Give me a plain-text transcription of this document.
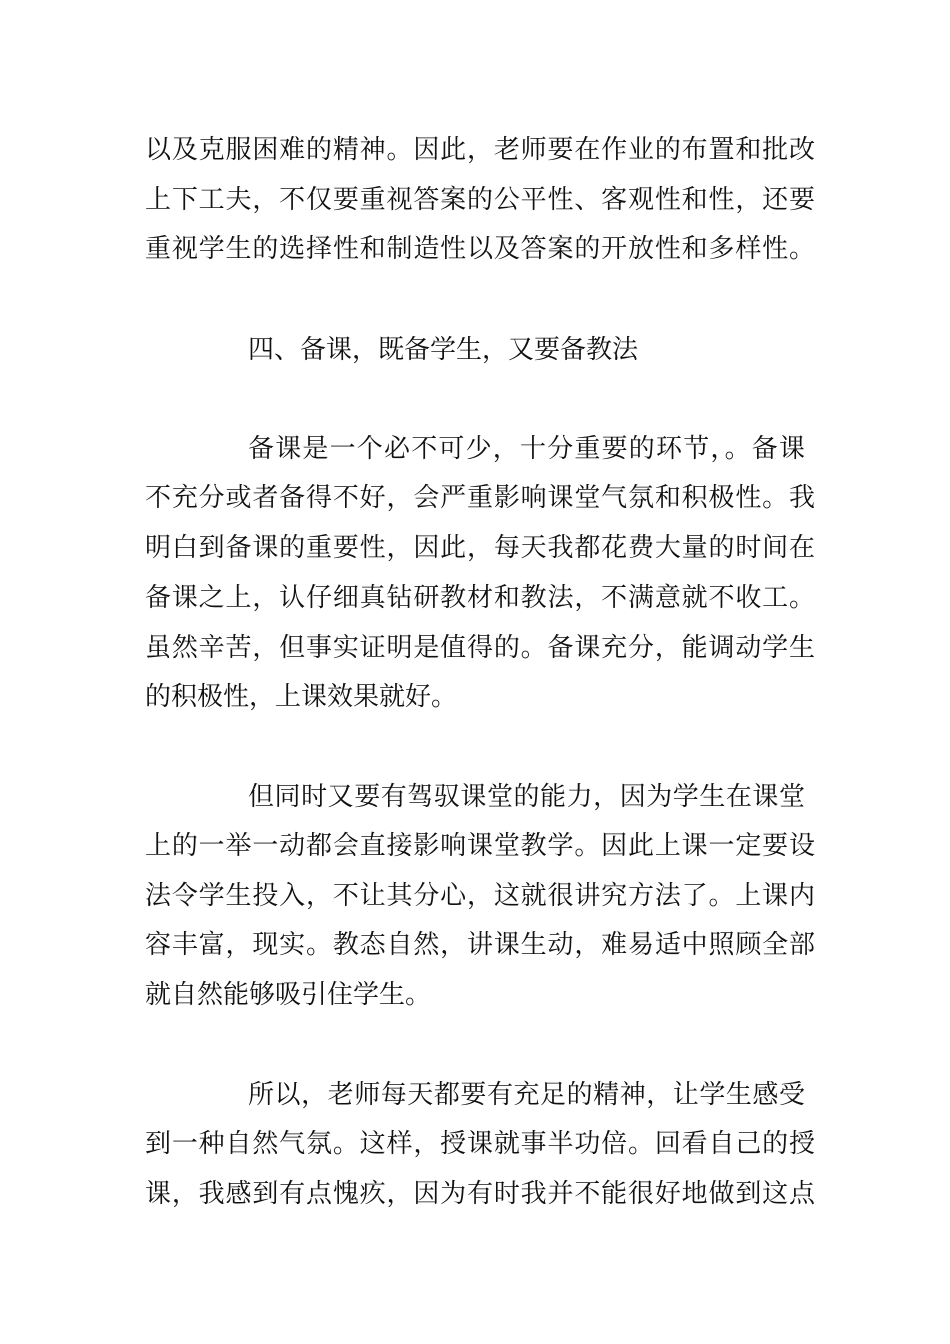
以及克服困难的精神。因此，老师要在作业的布置和批改
上下工夫，不仅要重视答案的公平性、客观性和性，还要
重视学生的选择性和制造性以及答案的开放性和多样性。
四、备课，既备学生，又要备教法
备课是一个必不可少，十分重要的环节，。备课
不充分或者备得不好，会严重影响课堂气氛和积极性。我
明白到备课的重要性，因此，每天我都花费大量的时间在
备课之上，认仔细真钻研教材和教法，不满意就不收工。
虽然辛苦，但事实证明是值得的。备课充分，能调动学生
的积极性，上课效果就好。
但同时又要有驾驭课堂的能力，因为学生在课堂
上的一举一动都会直接影响课堂教学。因此上课一定要设
法令学生投入，不让其分心，这就很讲究方法了。上课内
容丰富，现实。教态自然，讲课生动，难易适中照顾全部
就自然能够吸引住学生。
所以，老师每天都要有充足的精神，让学生感受
到一种自然气氛。这样，授课就事半功倍。回看自己的授
课，我感到有点愧疚，因为有时我并不能很好地做到这点
